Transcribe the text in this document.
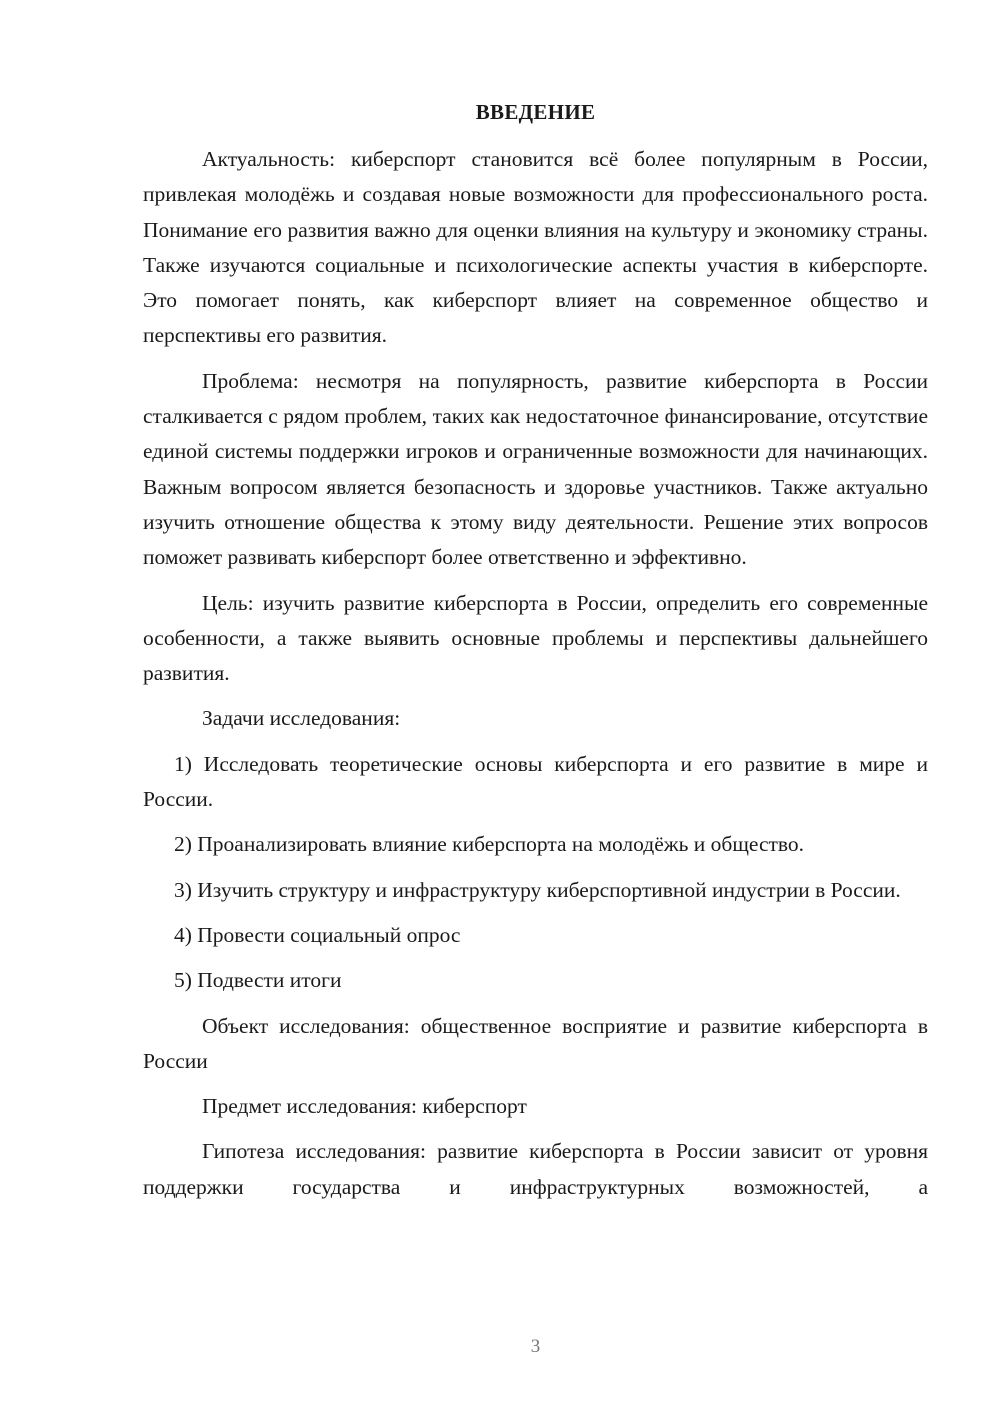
ВВЕДЕНИЕ

Актуальность: киберспорт становится всё более популярным в России, привлекая молодёжь и создавая новые возможности для профессионального роста. Понимание его развития важно для оценки влияния на культуру и экономику страны. Также изучаются социальные и психологические аспекты участия в киберспорте. Это помогает понять, как киберспорт влияет на современное общество и перспективы его развития.

Проблема: несмотря на популярность, развитие киберспорта в России сталкивается с рядом проблем, таких как недостаточное финансирование, отсутствие единой системы поддержки игроков и ограниченные возможности для начинающих. Важным вопросом является безопасность и здоровье участников. Также актуально изучить отношение общества к этому виду деятельности. Решение этих вопросов поможет развивать киберспорт более ответственно и эффективно.

Цель: изучить развитие киберспорта в России, определить его современные особенности, а также выявить основные проблемы и перспективы дальнейшего развития.

Задачи исследования:

1) Исследовать теоретические основы киберспорта и его развитие в мире и России.

2) Проанализировать влияние киберспорта на молодёжь и общество.

3) Изучить структуру и инфраструктуру киберспортивной индустрии в России.

4) Провести социальный опрос

5) Подвести итоги

Объект исследования: общественное восприятие и развитие киберспорта в России

Предмет исследования: киберспорт

Гипотеза исследования: развитие киберспорта в России зависит от уровня поддержки государства и инфраструктурных возможностей, а

3
